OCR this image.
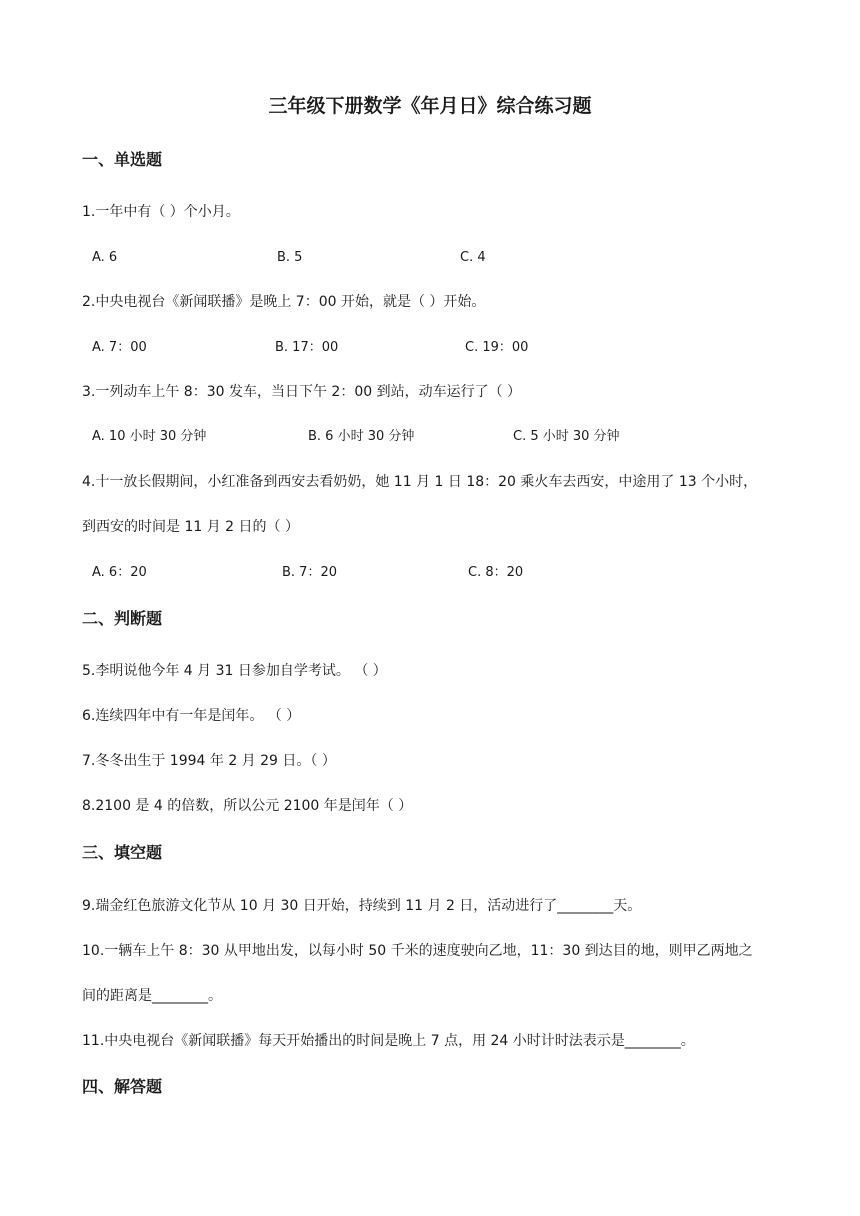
三年级下册数学《年月日》综合练习题
一、单选题
1.一年中有（ ）个小月。
A. 6	B. 5	C. 4
2.中央电视台《新闻联播》是晚上 7：00 开始，就是（ ）开始。
A. 7：00	B. 17：00	C. 19：00
3.一列动车上午 8：30 发车，当日下午 2：00 到站，动车运行了（ ）
A. 10 小时 30 分钟	B. 6 小时 30 分钟	C. 5 小时 30 分钟
4.十一放长假期间，小红准备到西安去看奶奶，她 11 月 1 日 18：20 乘火车去西安，中途用了 13 个小时，
到西安的时间是 11 月 2 日的（ ）
A. 6：20	B. 7：20	C. 8：20
二、判断题
5.李明说他今年 4 月 31 日参加自学考试。 （ ）
6.连续四年中有一年是闰年。 （ ）
7.冬冬出生于 1994 年 2 月 29 日。（ ）
8.2100 是 4 的倍数，所以公元 2100 年是闰年（ ）
三、填空题
9.瑞金红色旅游文化节从 10 月 30 日开始，持续到 11 月 2 日，活动进行了________天。
10.一辆车上午 8：30 从甲地出发，以每小时 50 千米的速度驶向乙地，11：30 到达目的地，则甲乙两地之
间的距离是________。
11.中央电视台《新闻联播》每天开始播出的时间是晚上 7 点，用 24 小时计时法表示是________。
四、解答题
